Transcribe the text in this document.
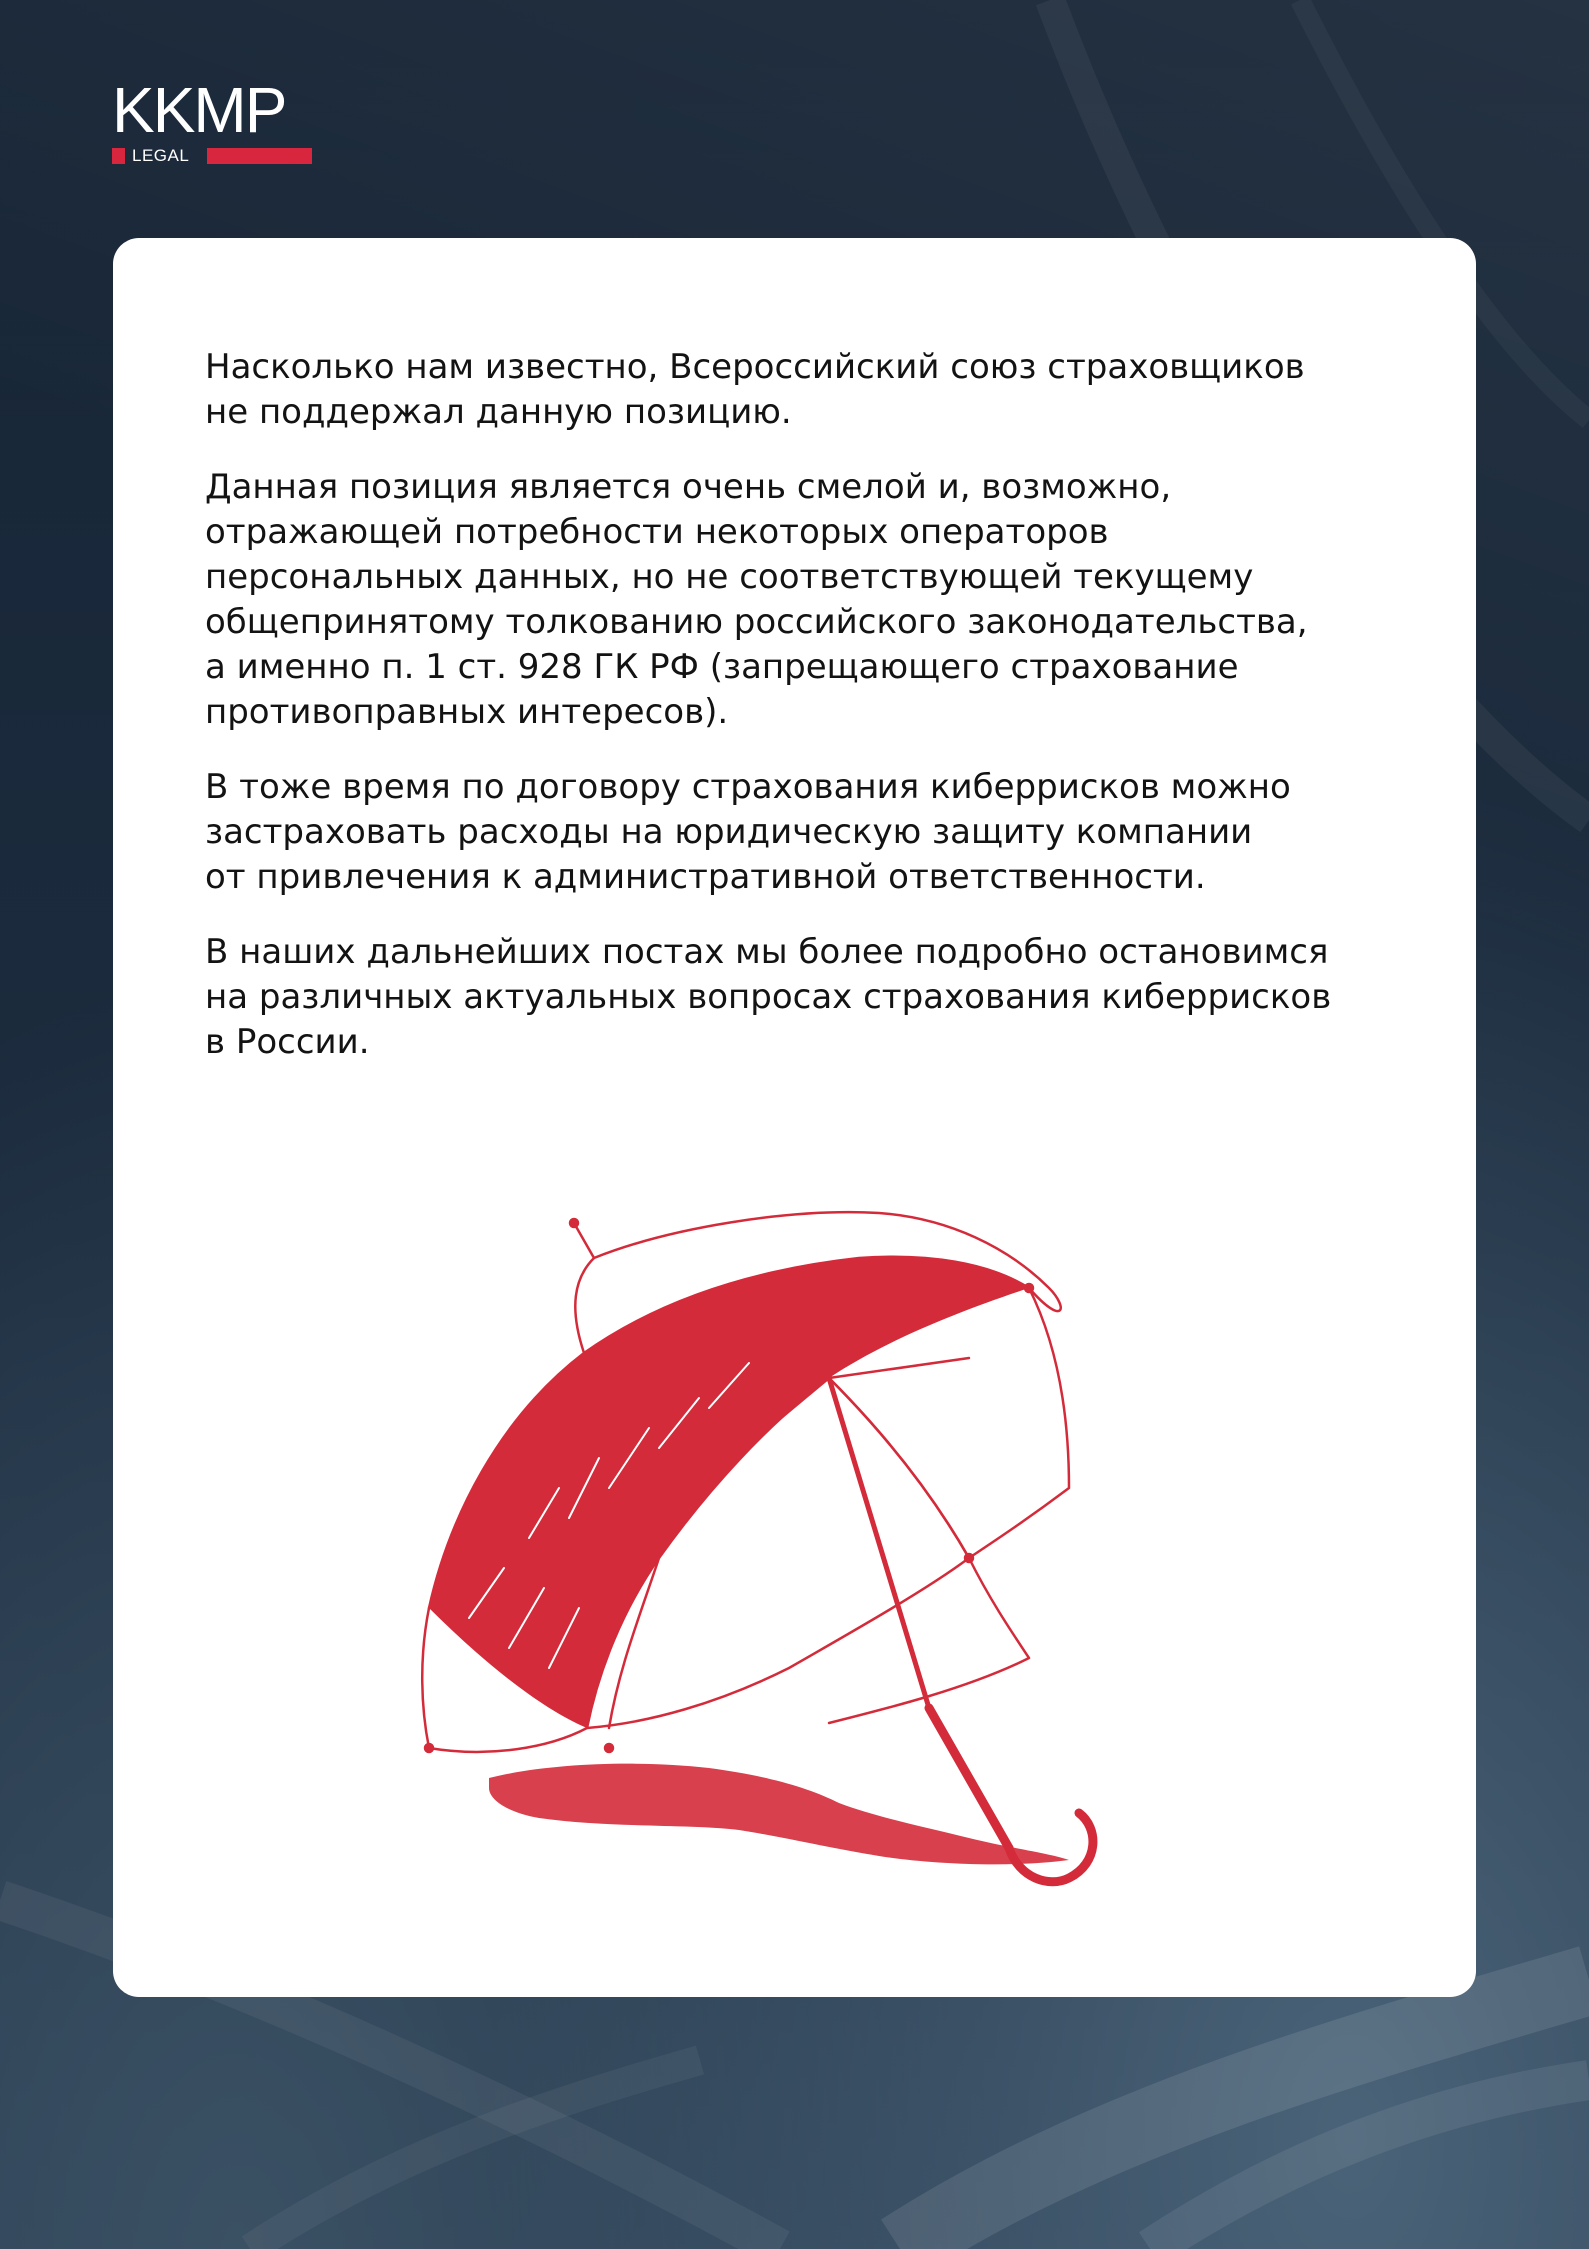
KKMP
LEGAL

Насколько нам известно, Всероссийский союз страховщиков
не поддержал данную позицию.

Данная позиция является очень смелой и, возможно,
отражающей потребности некоторых операторов
персональных данных, но не соответствующей текущему
общепринятому толкованию российского законодательства,
а именно п. 1 ст. 928 ГК РФ (запрещающего страхование
противоправных интересов).

В тоже время по договору страхования киберрисков можно
застраховать расходы на юридическую защиту компании
от привлечения к административной ответственности.

В наших дальнейших постах мы более подробно остановимся
на различных актуальных вопросах страхования киберрисков
в России.
